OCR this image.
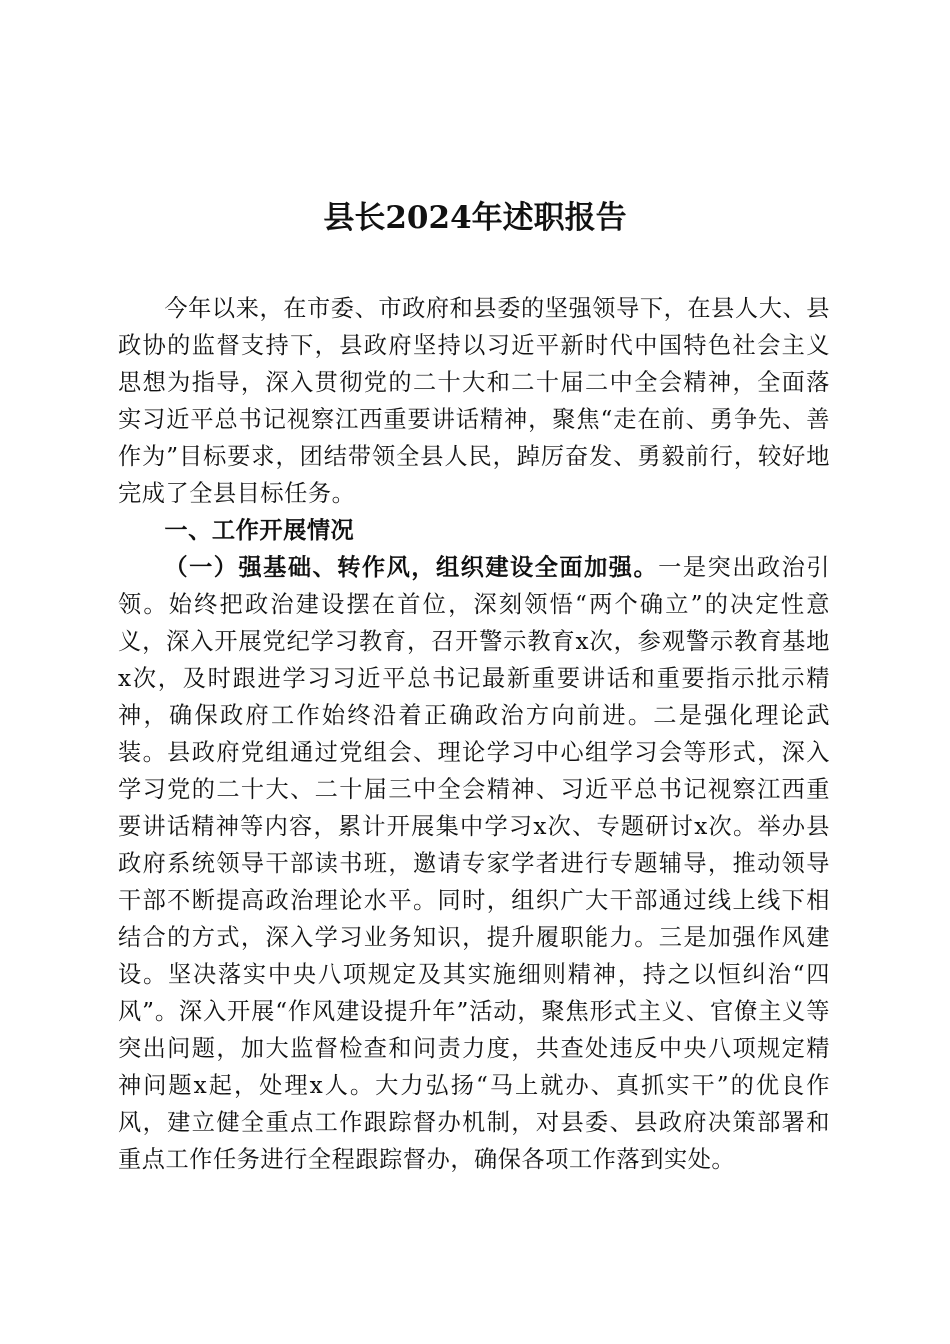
县长2024年述职报告

今年以来，在市委、市政府和县委的坚强领导下，在县人大、县政协的监督支持下，县政府坚持以习近平新时代中国特色社会主义思想为指导，深入贯彻党的二十大和二十届二中全会精神，全面落实习近平总书记视察江西重要讲话精神，聚焦“走在前、勇争先、善作为”目标要求，团结带领全县人民，踔厉奋发、勇毅前行，较好地完成了全县目标任务。

一、工作开展情况

（一）强基础、转作风，组织建设全面加强。一是突出政治引领。始终把政治建设摆在首位，深刻领悟“两个确立”的决定性意义，深入开展党纪学习教育，召开警示教育x次，参观警示教育基地x次，及时跟进学习习近平总书记最新重要讲话和重要指示批示精神，确保政府工作始终沿着正确政治方向前进。二是强化理论武装。县政府党组通过党组会、理论学习中心组学习会等形式，深入学习党的二十大、二十届三中全会精神、习近平总书记视察江西重要讲话精神等内容，累计开展集中学习x次、专题研讨x次。举办县政府系统领导干部读书班，邀请专家学者进行专题辅导，推动领导干部不断提高政治理论水平。同时，组织广大干部通过线上线下相结合的方式，深入学习业务知识，提升履职能力。三是加强作风建设。坚决落实中央八项规定及其实施细则精神，持之以恒纠治“四风”。深入开展“作风建设提升年”活动，聚焦形式主义、官僚主义等突出问题，加大监督检查和问责力度，共查处违反中央八项规定精神问题x起，处理x人。大力弘扬“马上就办、真抓实干”的优良作风，建立健全重点工作跟踪督办机制，对县委、县政府决策部署和重点工作任务进行全程跟踪督办，确保各项工作落到实处。
